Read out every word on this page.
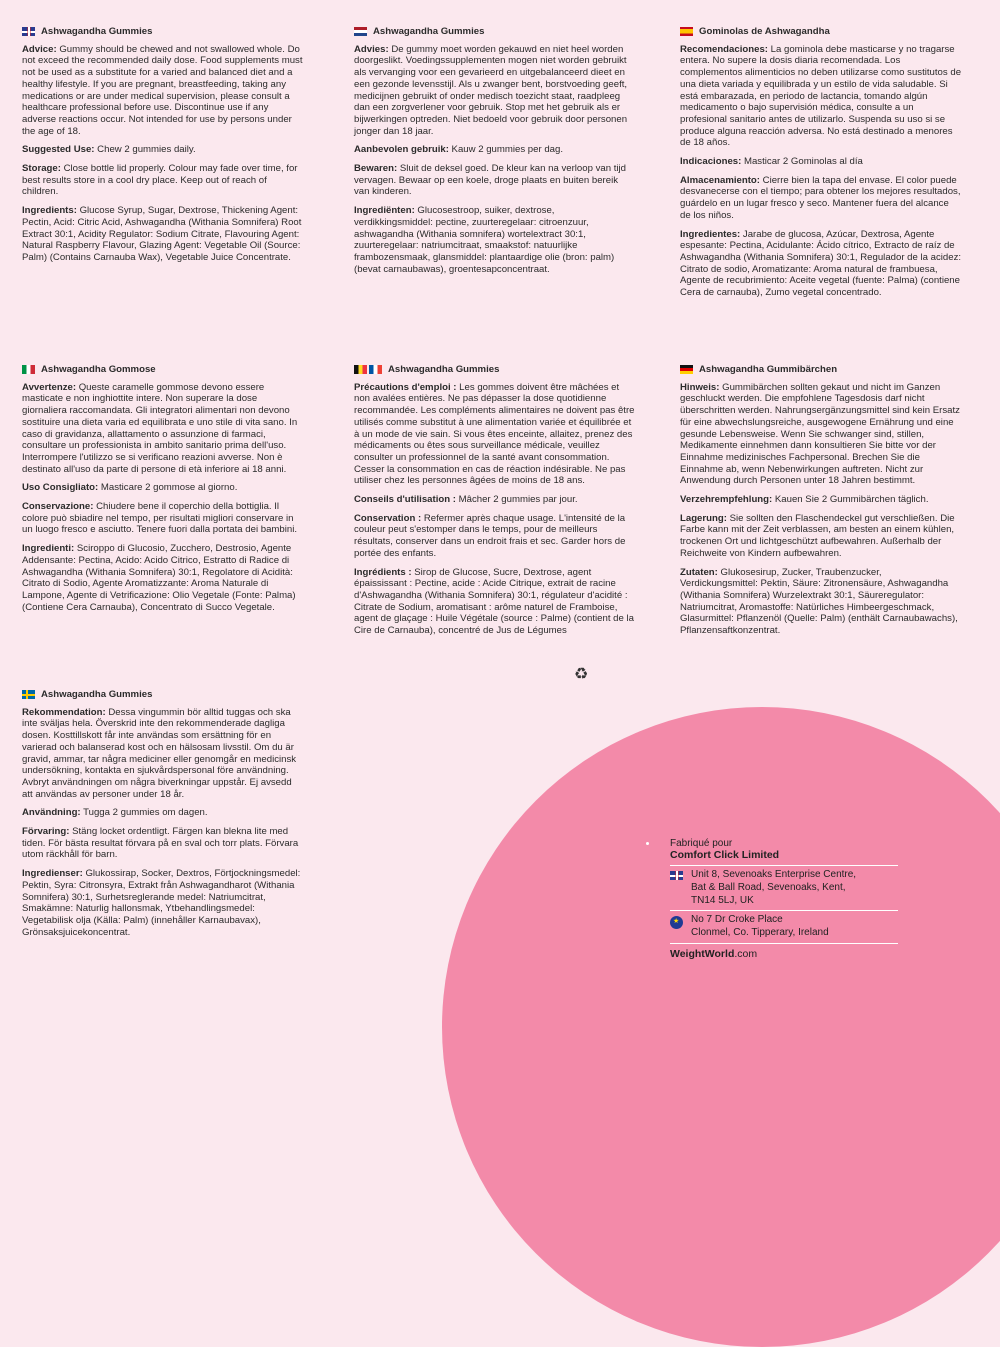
Ashwagandha Gummies

Advice: Gummy should be chewed and not swallowed whole. Do not exceed the recommended daily dose. Food supplements must not be used as a substitute for a varied and balanced diet and a healthy lifestyle. If you are pregnant, breastfeeding, taking any medications or are under medical supervision, please consult a healthcare professional before use. Discontinue use if any adverse reactions occur. Not intended for use by persons under the age of 18.

Suggested Use: Chew 2 gummies daily.

Storage: Close bottle lid properly. Colour may fade over time, for best results store in a cool dry place. Keep out of reach of children.

Ingredients: Glucose Syrup, Sugar, Dextrose, Thickening Agent: Pectin, Acid: Citric Acid, Ashwagandha (Withania Somnifera) Root Extract 30:1, Acidity Regulator: Sodium Citrate, Flavouring Agent: Natural Raspberry Flavour, Glazing Agent: Vegetable Oil (Source: Palm) (Contains Carnauba Wax), Vegetable Juice Concentrate.

Ashwagandha Gummies

Advies: De gummy moet worden gekauwd en niet heel worden doorgeslikt. Voedingssupplementen mogen niet worden gebruikt als vervanging voor een gevarieerd en uitgebalanceerd dieet en een gezonde levensstijl. Als u zwanger bent, borstvoeding geeft, medicijnen gebruikt of onder medisch toezicht staat, raadpleeg dan een zorgverlener voor gebruik. Stop met het gebruik als er bijwerkingen optreden. Niet bedoeld voor gebruik door personen jonger dan 18 jaar.

Aanbevolen gebruik: Kauw 2 gummies per dag.

Bewaren: Sluit de deksel goed. De kleur kan na verloop van tijd vervagen. Bewaar op een koele, droge plaats en buiten bereik van kinderen.

Ingrediënten: Glucosestroop, suiker, dextrose, verdikkingsmiddel: pectine, zuurteregelaar: citroenzuur, ashwagandha (Withania somnifera) wortelextract 30:1, zuurteregelaar: natriumcitraat, smaakstof: natuurlijke frambozensmaak, glansmiddel: plantaardige olie (bron: palm) (bevat carnaubawas), groentesapconcentraat.

Gominolas de Ashwagandha

Recomendaciones: La gominola debe masticarse y no tragarse entera. No supere la dosis diaria recomendada. Los complementos alimenticios no deben utilizarse como sustitutos de una dieta variada y equilibrada y un estilo de vida saludable. Si está embarazada, en periodo de lactancia, tomando algún medicamento o bajo supervisión médica, consulte a un profesional sanitario antes de utilizarlo. Suspenda su uso si se produce alguna reacción adversa. No está destinado a menores de 18 años.

Indicaciones: Masticar 2 Gominolas al día

Almacenamiento: Cierre bien la tapa del envase. El color puede desvanecerse con el tiempo; para obtener los mejores resultados, guárdelo en un lugar fresco y seco. Mantener fuera del alcance de los niños.

Ingredientes: Jarabe de glucosa, Azúcar, Dextrosa, Agente espesante: Pectina, Acidulante: Ácido cítrico, Extracto de raíz de Ashwagandha (Withania Somnifera) 30:1, Regulador de la acidez: Citrato de sodio, Aromatizante: Aroma natural de frambuesa, Agente de recubrimiento: Aceite vegetal (fuente: Palma) (contiene Cera de carnauba), Zumo vegetal concentrado.

Ashwagandha Gommose

Avvertenze: Queste caramelle gommose devono essere masticate e non inghiottite intere. Non superare la dose giornaliera raccomandata. Gli integratori alimentari non devono sostituire una dieta varia ed equilibrata e uno stile di vita sano. In caso di gravidanza, allattamento o assunzione di farmaci, consultare un professionista in ambito sanitario prima dell'uso. Interrompere l'utilizzo se si verificano reazioni avverse. Non è destinato all'uso da parte di persone di età inferiore ai 18 anni.

Uso Consigliato: Masticare 2 gommose al giorno.

Conservazione: Chiudere bene il coperchio della bottiglia. Il colore può sbiadire nel tempo, per risultati migliori conservare in un luogo fresco e asciutto. Tenere fuori dalla portata dei bambini.

Ingredienti: Sciroppo di Glucosio, Zucchero, Destrosio, Agente Addensante: Pectina, Acido: Acido Citrico, Estratto di Radice di Ashwagandha (Withania Somnifera) 30:1, Regolatore di Acidità: Citrato di Sodio, Agente Aromatizzante: Aroma Naturale di Lampone, Agente di Vetrificazione: Olio Vegetale (Fonte: Palma) (Contiene Cera Carnauba), Concentrato di Succo Vegetale.

Ashwagandha Gummies

Précautions d'emploi : Les gommes doivent être mâchées et non avalées entières. Ne pas dépasser la dose quotidienne recommandée. Les compléments alimentaires ne doivent pas être utilisés comme substitut à une alimentation variée et équilibrée et à un mode de vie sain. Si vous êtes enceinte, allaitez, prenez des médicaments ou êtes sous surveillance médicale, veuillez consulter un professionnel de la santé avant consommation. Cesser la consommation en cas de réaction indésirable. Ne pas utiliser chez les personnes âgées de moins de 18 ans.

Conseils d'utilisation : Mâcher 2 gummies par jour.

Conservation : Refermer après chaque usage. L'intensité de la couleur peut s'estomper dans le temps, pour de meilleurs résultats, conserver dans un endroit frais et sec. Garder hors de portée des enfants.

Ingrédients : Sirop de Glucose, Sucre, Dextrose, agent épaississant : Pectine, acide : Acide Citrique, extrait de racine d'Ashwagandha (Withania Somnifera) 30:1, régulateur d'acidité : Citrate de Sodium, aromatisant : arôme naturel de Framboise, agent de glaçage : Huile Végétale (source : Palme) (contient de la Cire de Carnauba), concentré de Jus de Légumes

♻
Ashwagandha Gummibärchen

Hinweis: Gummibärchen sollten gekaut und nicht im Ganzen geschluckt werden. Die empfohlene Tagesdosis darf nicht überschritten werden. Nahrungsergänzungsmittel sind kein Ersatz für eine abwechslungsreiche, ausgewogene Ernährung und eine gesunde Lebensweise. Wenn Sie schwanger sind, stillen, Medikamente einnehmen dann konsultieren Sie bitte vor der Einnahme medizinisches Fachpersonal. Brechen Sie die Einnahme ab, wenn Nebenwirkungen auftreten. Nicht zur Anwendung durch Personen unter 18 Jahren bestimmt.

Verzehrempfehlung: Kauen Sie 2 Gummibärchen täglich.

Lagerung: Sie sollten den Flaschendeckel gut verschließen. Die Farbe kann mit der Zeit verblassen, am besten an einem kühlen, trockenen Ort und lichtgeschützt aufbewahren. Außerhalb der Reichweite von Kindern aufbewahren.

Zutaten: Glukosesirup, Zucker, Traubenzucker, Verdickungsmittel: Pektin, Säure: Zitronensäure, Ashwagandha (Withania Somnifera) Wurzelextrakt 30:1, Säureregulator: Natriumcitrat, Aromastoffe: Natürliches Himbeergeschmack, Glasurmittel: Pflanzenöl (Quelle: Palm) (enthält Carnaubawachs), Pflanzensaftkonzentrat.

Ashwagandha Gummies

Rekommendation: Dessa vingummin bör alltid tuggas och ska inte sväljas hela. Överskrid inte den rekommenderade dagliga dosen. Kosttillskott får inte användas som ersättning för en varierad och balanserad kost och en hälsosam livsstil. Om du är gravid, ammar, tar några mediciner eller genomgår en medicinsk undersökning, kontakta en sjukvårdspersonal före användning. Avbryt användningen om några biverkningar uppstår. Ej avsedd att användas av personer under 18 år.

Användning: Tugga 2 gummies om dagen.

Förvaring: Stäng locket ordentligt. Färgen kan blekna lite med tiden. För bästa resultat förvara på en sval och torr plats. Förvara utom räckhåll för barn.

Ingredienser: Glukossirap, Socker, Dextros, Förtjockningsmedel: Pektin, Syra: Citronsyra, Extrakt från Ashwagandharot (Withania Somnifera) 30:1, Surhetsreglerande medel: Natriumcitrat, Smakämne: Naturlig hallonsmak, Ytbehandlingsmedel: Vegetabilisk olja (Källa: Palm) (innehåller Karnaubavax), Grönsaksjuicekoncentrat.

Fabriqué pour
Comfort Click Limited
Unit 8, Sevenoaks Enterprise Centre,
Bat & Ball Road, Sevenoaks, Kent,
TN14 5LJ, UK
★
No 7 Dr Croke Place
Clonmel, Co. Tipperary, Ireland
WeightWorld.com
